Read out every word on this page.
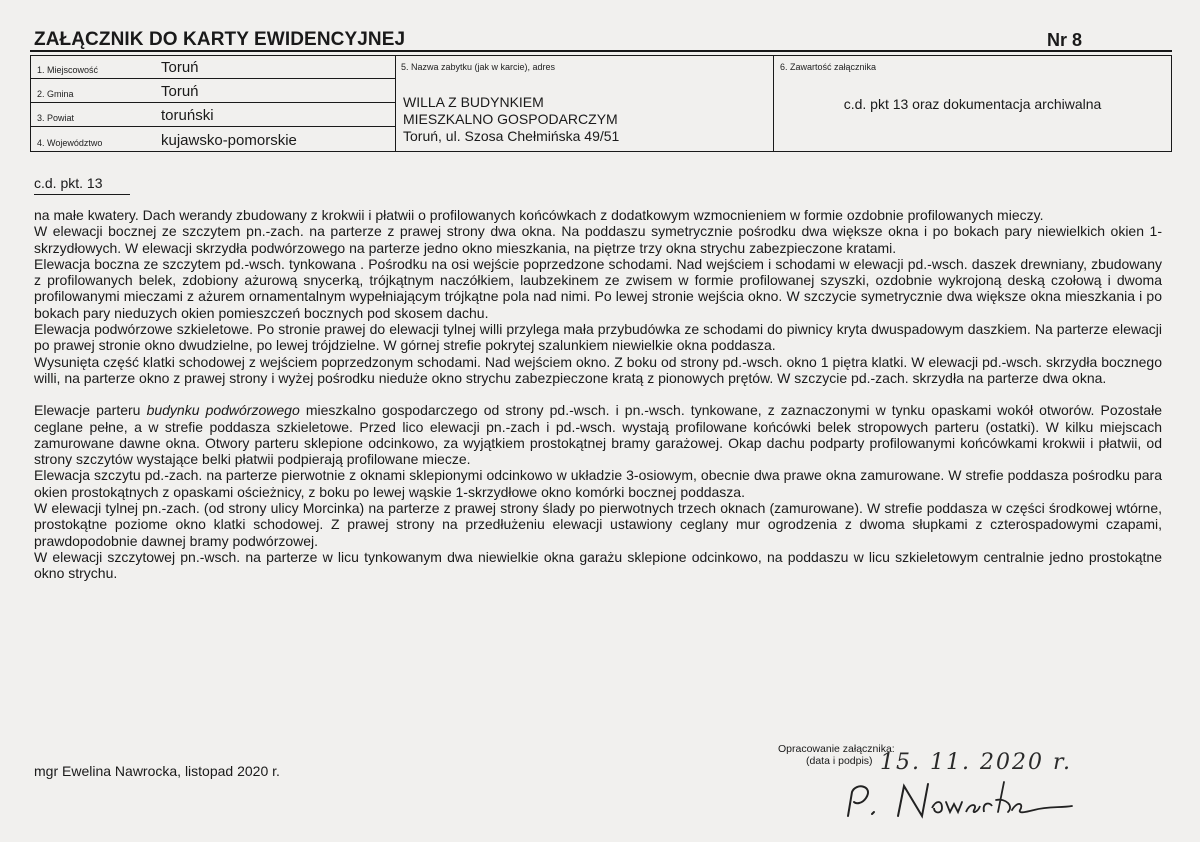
ZAŁĄCZNIK DO KARTY EWIDENCYJNEJ	Nr 8
1. Miejscowość	Toruń
2. Gmina	Toruń
3. Powiat	toruński
4. Województwo	kujawsko-pomorskie
5. Nazwa zabytku (jak w karcie), adres
WILLA Z BUDYNKIEM
MIESZKALNO GOSPODARCZYM
Toruń, ul. Szosa Chełmińska 49/51
6. Zawartość załącznika
c.d. pkt 13 oraz dokumentacja archiwalna
c.d. pkt. 13

na małe kwatery. Dach werandy zbudowany z krokwii i płatwii o profilowanych końcówkach z dodatkowym wzmocnieniem w formie ozdobnie profilowanych mieczy.

W elewacji bocznej ze szczytem pn.-zach. na parterze z prawej strony dwa okna. Na poddaszu symetrycznie pośrodku dwa większe okna i po bokach pary niewielkich okien 1-skrzydłowych. W elewacji skrzydła podwórzowego na parterze jedno okno mieszkania, na piętrze trzy okna strychu zabezpieczone kratami.

Elewacja boczna ze szczytem pd.-wsch. tynkowana . Pośrodku na osi wejście poprzedzone schodami. Nad wejściem i schodami w elewacji pd.-wsch. daszek drewniany, zbudowany z profilowanych belek, zdobiony ażurową snycerką, trójkątnym naczółkiem, laubzekinem ze zwisem w formie profilowanej szyszki, ozdobnie wykrojoną deską czołową i dwoma profilowanymi mieczami z ażurem ornamentalnym wypełniającym trójkątne pola nad nimi. Po lewej stronie wejścia okno. W szczycie symetrycznie dwa większe okna mieszkania i po bokach pary nieduzych okien pomieszczeń bocznych pod skosem dachu.

Elewacja podwórzowe szkieletowe. Po stronie prawej do elewacji tylnej willi przylega mała przybudówka ze schodami do piwnicy kryta dwuspadowym daszkiem. Na parterze elewacji po prawej stronie okno dwudzielne, po lewej trójdzielne. W górnej strefie pokrytej szalunkiem niewielkie okna poddasza.

Wysunięta część klatki schodowej z wejściem poprzedzonym schodami. Nad wejściem okno. Z boku od strony pd.-wsch. okno 1 piętra klatki. W elewacji pd.-wsch. skrzydła bocznego willi, na parterze okno z prawej strony i wyżej pośrodku nieduże okno strychu zabezpieczone kratą z pionowych prętów. W szczycie pd.-zach. skrzydła na parterze dwa okna.

Elewacje parteru budynku podwórzowego mieszkalno gospodarczego od strony pd.-wsch. i pn.-wsch. tynkowane, z zaznaczonymi w tynku opaskami wokół otworów. Pozostałe ceglane pełne, a w strefie poddasza szkieletowe. Przed lico elewacji pn.-zach i pd.-wsch. wystają profilowane końcówki belek stropowych parteru (ostatki). W kilku miejscach zamurowane dawne okna. Otwory parteru sklepione odcinkowo, za wyjątkiem prostokątnej bramy garażowej. Okap dachu podparty profilowanymi końcówkami krokwii i płatwii, od strony szczytów wystające belki płatwii podpierają profilowane miecze.

Elewacja szczytu pd.-zach. na parterze pierwotnie z oknami sklepionymi odcinkowo w układzie 3-osiowym, obecnie dwa prawe okna zamurowane. W strefie poddasza pośrodku para okien prostokątnych z opaskami ościeżnicy, z boku po lewej wąskie 1-skrzydłowe okno komórki bocznej poddasza.

W elewacji tylnej pn.-zach. (od strony ulicy Morcinka) na parterze z prawej strony ślady po pierwotnych trzech oknach (zamurowane). W strefie poddasza w części środkowej wtórne, prostokątne poziome okno klatki schodowej. Z prawej strony na przedłużeniu elewacji ustawiony ceglany mur ogrodzenia z dwoma słupkami z czterospadowymi czapami, prawdopodobnie dawnej bramy podwórzowej.

W elewacji szczytowej pn.-wsch. na parterze w licu tynkowanym dwa niewielkie okna garażu sklepione odcinkowo, na poddaszu w licu szkieletowym centralnie jedno prostokątne okno strychu.

mgr Ewelina Nawrocka, listopad 2020 r.
Opracowanie załącznika:
(data i podpis) 15. 11. 2020 r.
